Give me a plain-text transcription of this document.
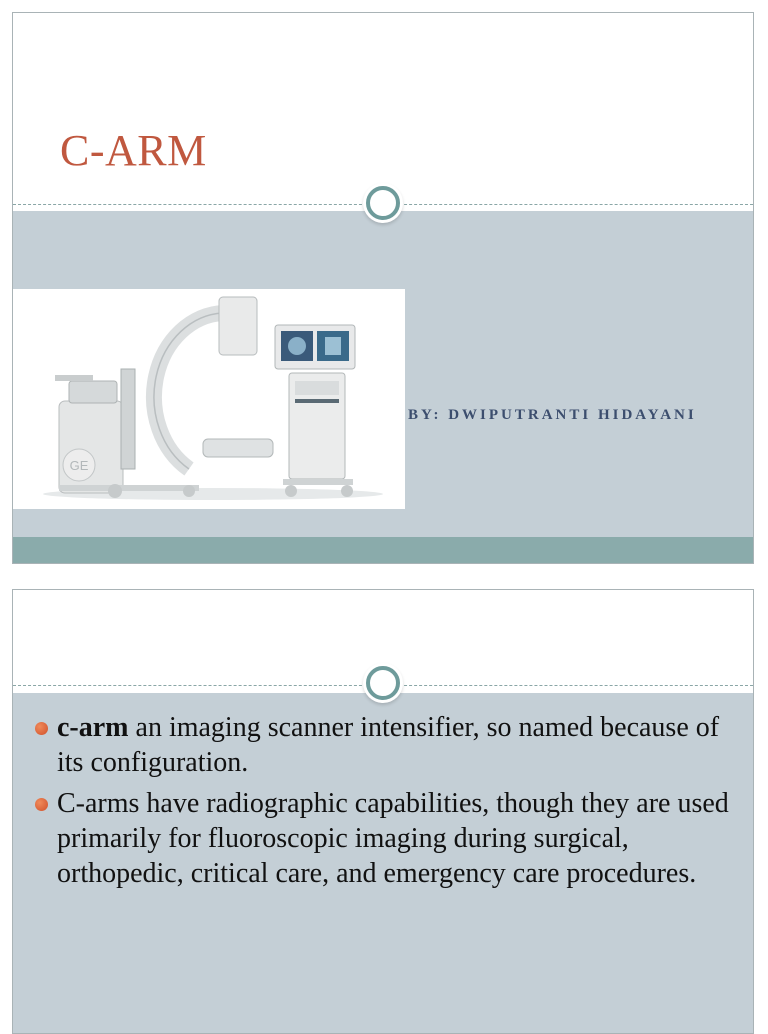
C-ARM
GE
BY: DWIPUTRANTI HIDAYANI
c-arm an imaging scanner intensifier, so named because of its configuration.
C-arms have radiographic capabilities, though they are used primarily for fluoroscopic imaging during surgical, orthopedic, critical care, and emergency care procedures.
